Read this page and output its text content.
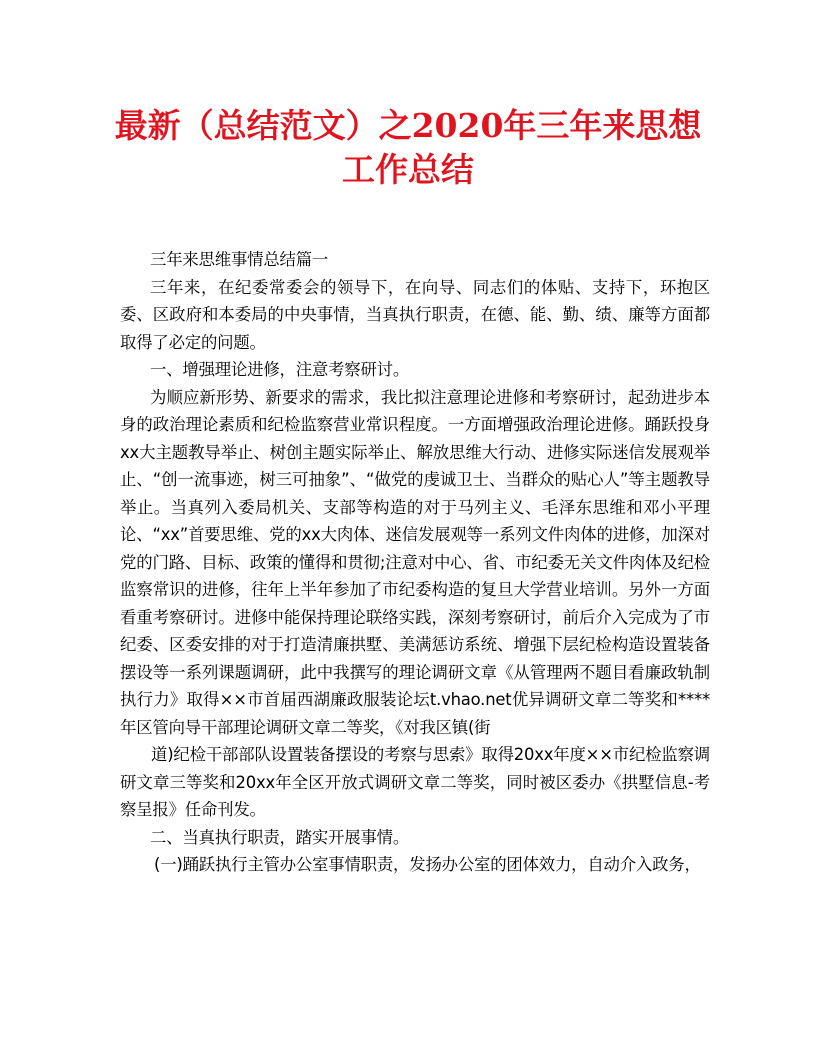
最新（总结范文）之2020年三年来思想
工作总结

三年来思维事情总结篇一

三年来，在纪委常委会的领导下，在向导、同志们的体贴、支持下，环抱区委、区政府和本委局的中央事情，当真执行职责，在德、能、勤、绩、廉等方面都取得了必定的问题。

一、增强理论进修，注意考察研讨。

为顺应新形势、新要求的需求，我比拟注意理论进修和考察研讨，起劲进步本身的政治理论素质和纪检监察营业常识程度。一方面增强政治理论进修。踊跃投身xx大主题教导举止、树创主题实际举止、解放思维大行动、进修实际迷信发展观举止、“创一流事迹，树三可抽象”、“做党的虔诚卫士、当群众的贴心人”等主题教导举止。当真列入委局机关、支部等构造的对于马列主义、毛泽东思维和邓小平理论、“xx”首要思维、党的xx大肉体、迷信发展观等一系列文件肉体的进修，加深对党的门路、目标、政策的懂得和贯彻;注意对中心、省、市纪委无关文件肉体及纪检监察常识的进修，往年上半年参加了市纪委构造的复旦大学营业培训。另外一方面看重考察研讨。进修中能保持理论联络实践，深刻考察研讨，前后介入完成为了市纪委、区委安排的对于打造清廉拱墅、美满惩访系统、增强下层纪检构造设置装备摆设等一系列课题调研，此中我撰写的理论调研文章《从管理两不题目看廉政轨制执行力》取得××市首届西湖廉政服装论坛t.vhao.net优异调研文章二等奖和****年区管向导干部理论调研文章二等奖，《对我区镇(街

道)纪检干部部队设置装备摆设的考察与思索》取得20xx年度××市纪检监察调研文章三等奖和20xx年全区开放式调研文章二等奖，同时被区委办《拱墅信息-考察呈报》任命刊发。

二、当真执行职责，踏实开展事情。

(一)踊跃执行主管办公室事情职责，发扬办公室的团体效力，自动介入政务，
